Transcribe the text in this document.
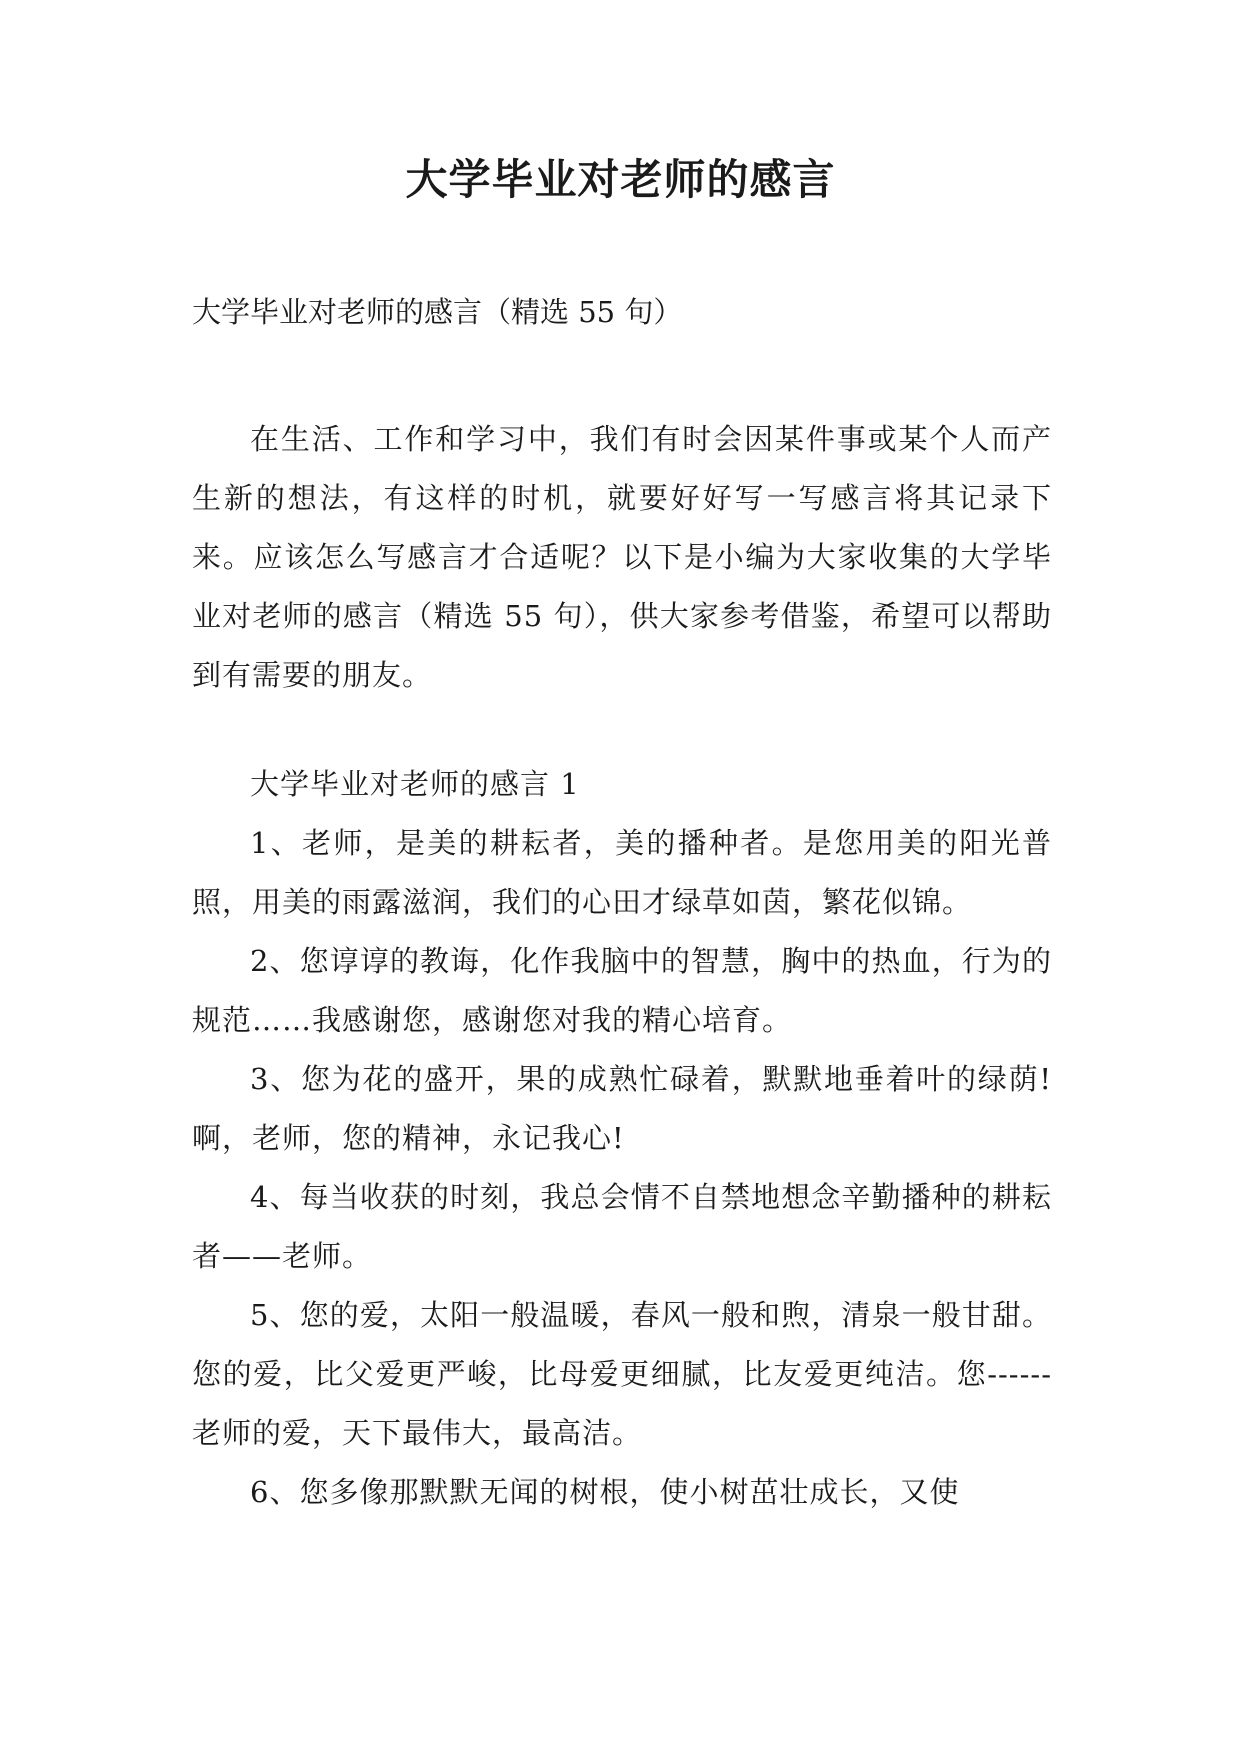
大学毕业对老师的感言

大学毕业对老师的感言（精选 55 句）

在生活、工作和学习中，我们有时会因某件事或某个人而产生新的想法，有这样的时机，就要好好写一写感言将其记录下来。应该怎么写感言才合适呢？以下是小编为大家收集的大学毕业对老师的感言（精选 55 句），供大家参考借鉴，希望可以帮助到有需要的朋友。

大学毕业对老师的感言 1

1、老师，是美的耕耘者，美的播种者。是您用美的阳光普照，用美的雨露滋润，我们的心田才绿草如茵，繁花似锦。
2、您谆谆的教诲，化作我脑中的智慧，胸中的热血，行为的规范……我感谢您，感谢您对我的精心培育。
3、您为花的盛开，果的成熟忙碌着，默默地垂着叶的绿荫!啊，老师，您的精神，永记我心!
4、每当收获的时刻，我总会情不自禁地想念辛勤播种的耕耘者——老师。
5、您的爱，太阳一般温暖，春风一般和煦，清泉一般甘甜。您的爱，比父爱更严峻，比母爱更细腻，比友爱更纯洁。您------老师的爱，天下最伟大，最高洁。
6、您多像那默默无闻的树根，使小树茁壮成长，又使
